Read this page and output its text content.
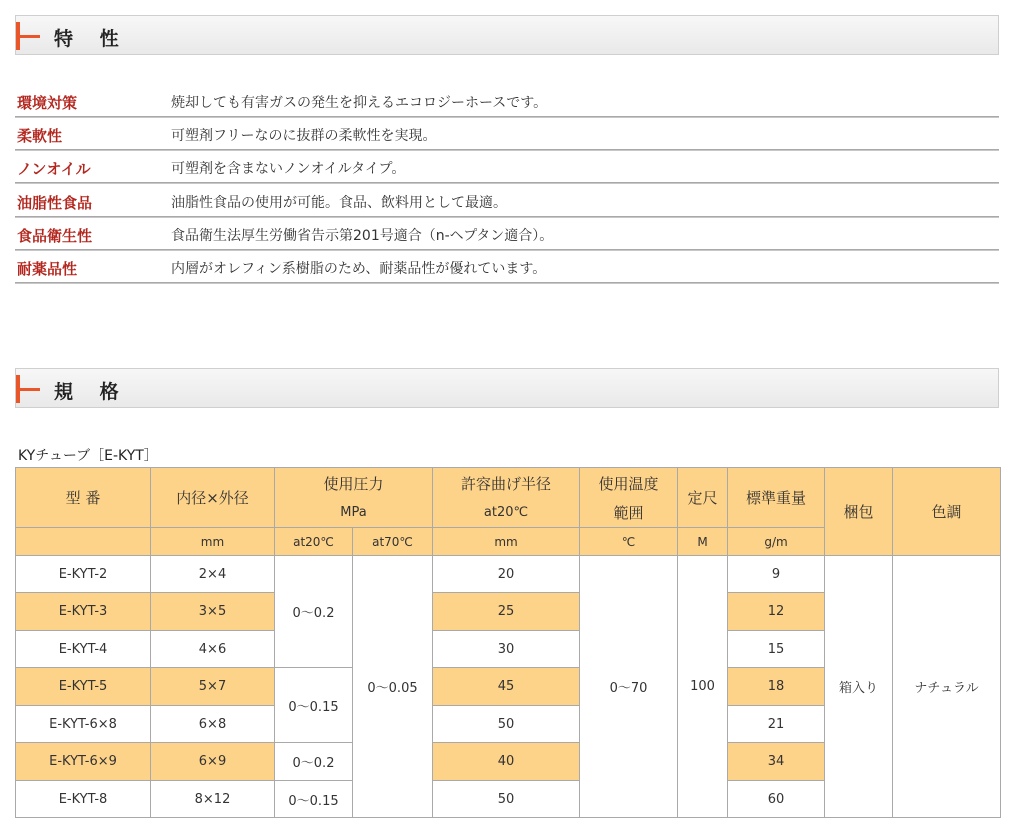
特 性
環境対策	焼却しても有害ガスの発生を抑えるエコロジーホースです。
柔軟性	可塑剤フリーなのに抜群の柔軟性を実現。
ノンオイル	可塑剤を含まないノンオイルタイプ。
油脂性食品	油脂性食品の使用が可能。食品、飲料用として最適。
食品衛生性	食品衛生法厚生労働省告示第201号適合（n-ヘプタン適合）。
耐薬品性	内層がオレフィン系樹脂のため、耐薬品性が優れています。
規 格
KYチューブ［E-KYT］
型 番	内径×外径	使用圧力		許容曲げ半径	使用温度	定尺	標準重量	梱包	色調
		MPa		at20℃	範囲				
	mm	at20℃	at70℃	mm	℃	M	g/m		
E-KYT-2	2×4	0～0.2	0～0.05	20	0～70	100	9	箱入り	ナチュラル
E-KYT-3	3×5			25			12		
E-KYT-4	4×6			30			15		
E-KYT-5	5×7	0～0.15		45			18		
E-KYT-6×8	6×8			50			21		
E-KYT-6×9	6×9	0～0.2		40			34		
E-KYT-8	8×12	0～0.15		50			60		
